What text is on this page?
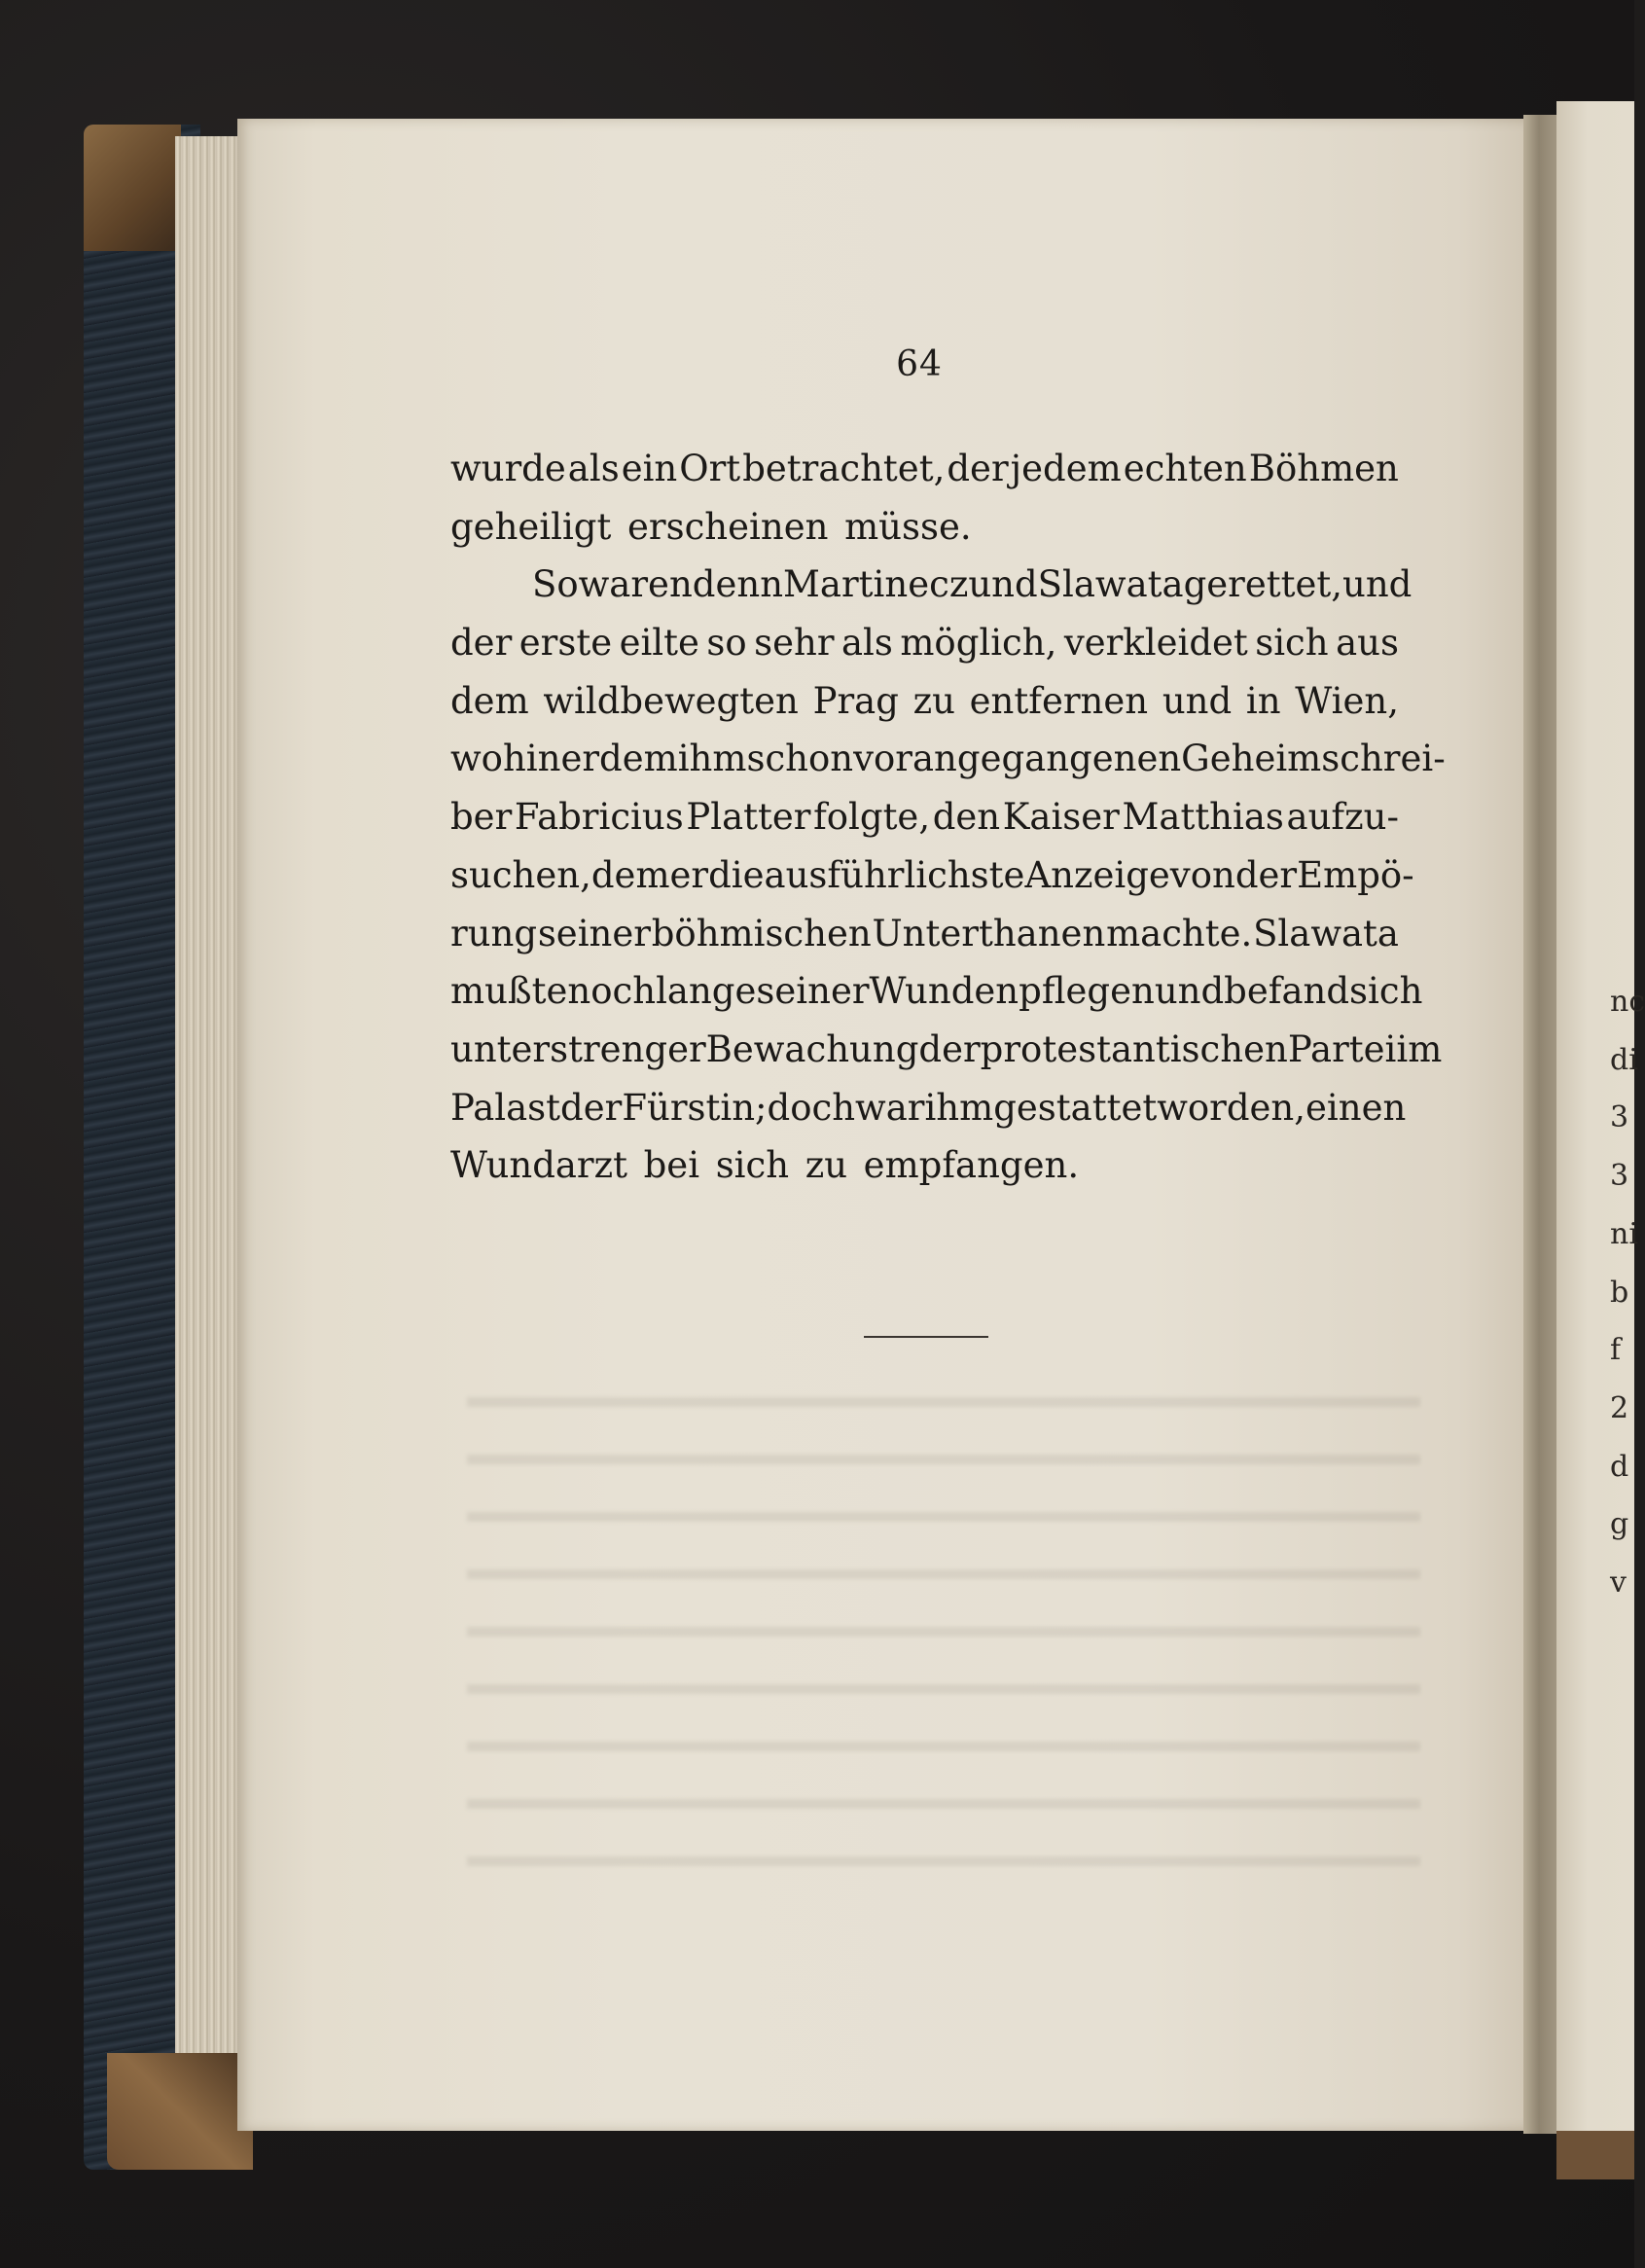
64
wurde als ein Ort betrachtet, der jedem echten Böhmen
geheiligt erscheinen müsse.
So waren denn Martinecz und Slawata gerettet, und
der erste eilte so sehr als möglich, verkleidet sich aus
dem wildbewegten Prag zu entfernen und in Wien,
wohin er dem ihm schon vorangegangenen Geheimschrei-
ber Fabricius Platter folgte, den Kaiser Matthias aufzu-
suchen, dem er die ausführlichste Anzeige von der Empö-
rung seiner böhmischen Unterthanen machte. Slawata
mußte noch lange seiner Wunden pflegen und befand sich
unter strenger Bewachung der protestantischen Partei im
Palast der Fürstin; doch war ihm gestattet worden, einen
Wundarzt bei sich zu empfangen.
nc
di
3
3
ni
b
f
2
d
g
v
